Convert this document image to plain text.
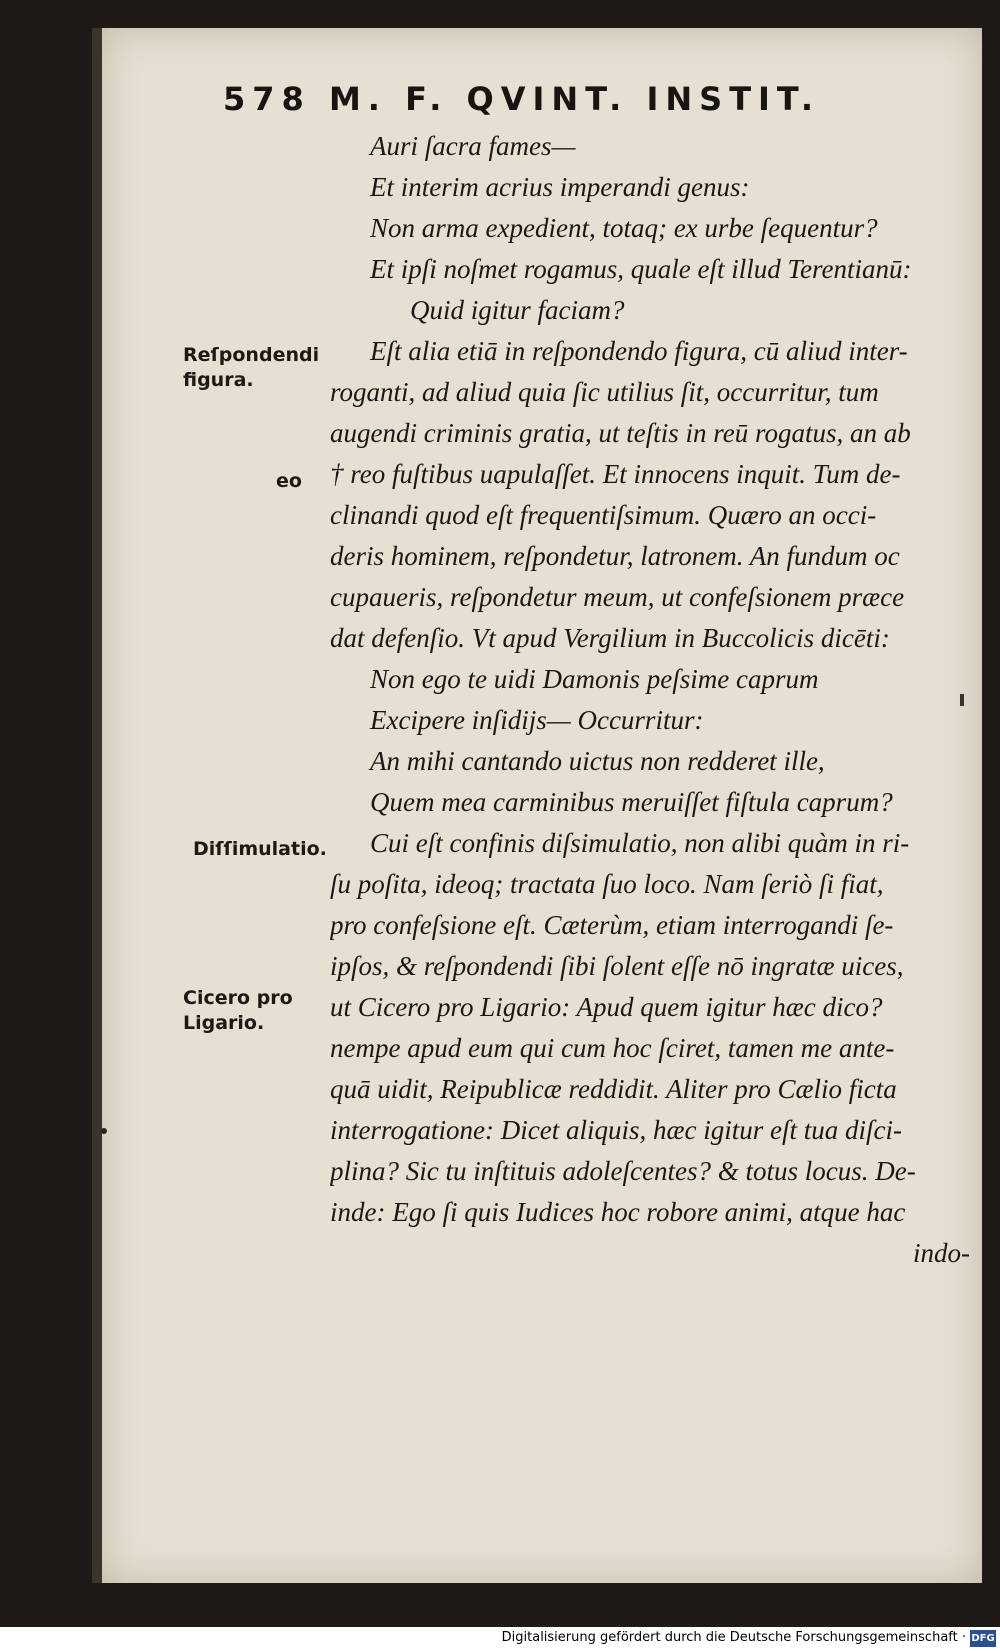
578 M. F. QVINT. INSTIT.
Auri ſacra fames—
Et interim acrius imperandi genus:
Non arma expedient, totaq; ex urbe ſequentur?
Et ipſi noſmet rogamus, quale eſt illud Terentianū:
Quid igitur faciam?
Eſt alia etiā in reſpondendo figura, cū aliud inter-
roganti, ad aliud quia ſic utilius ſit, occurritur, tum
augendi criminis gratia, ut teſtis in reū rogatus, an ab
† reo fuſtibus uapulaſſet. Et innocens inquit. Tum de-
clinandi quod eſt frequentiſsimum. Quæro an occi-
deris hominem, reſpondetur, latronem. An fundum oc
cupaueris, reſpondetur meum, ut confeſsionem præce
dat defenſio. Vt apud Vergilium in Buccolicis dicēti:
Non ego te uidi Damonis peſsime caprum
Excipere inſidijs— Occurritur:
An mihi cantando uictus non redderet ille,
Quem mea carminibus meruiſſet fiſtula caprum?
Cui eſt confinis diſsimulatio, non alibi quàm in ri-
ſu poſita, ideoq; tractata ſuo loco. Nam ſeriò ſi fiat,
pro confeſsione eſt. Cæterùm, etiam interrogandi ſe-
ipſos, & reſpondendi ſibi ſolent eſſe nō ingratæ uices,
ut Cicero pro Ligario: Apud quem igitur hæc dico?
nempe apud eum qui cum hoc ſciret, tamen me ante-
quā uidit, Reipublicæ reddidit. Aliter pro Cælio ficta
interrogatione: Dicet aliquis, hæc igitur eſt tua diſci-
plina? Sic tu inſtituis adoleſcentes? & totus locus. De-
inde: Ego ſi quis Iudices hoc robore animi, atque hac
indo-
Reſpondendi
figura.
eo
Diſſimulatio.
Cicero pro
Ligario.
Digitalisierung gefördert durch die Deutsche Forschungsgemeinschaft · DFG
